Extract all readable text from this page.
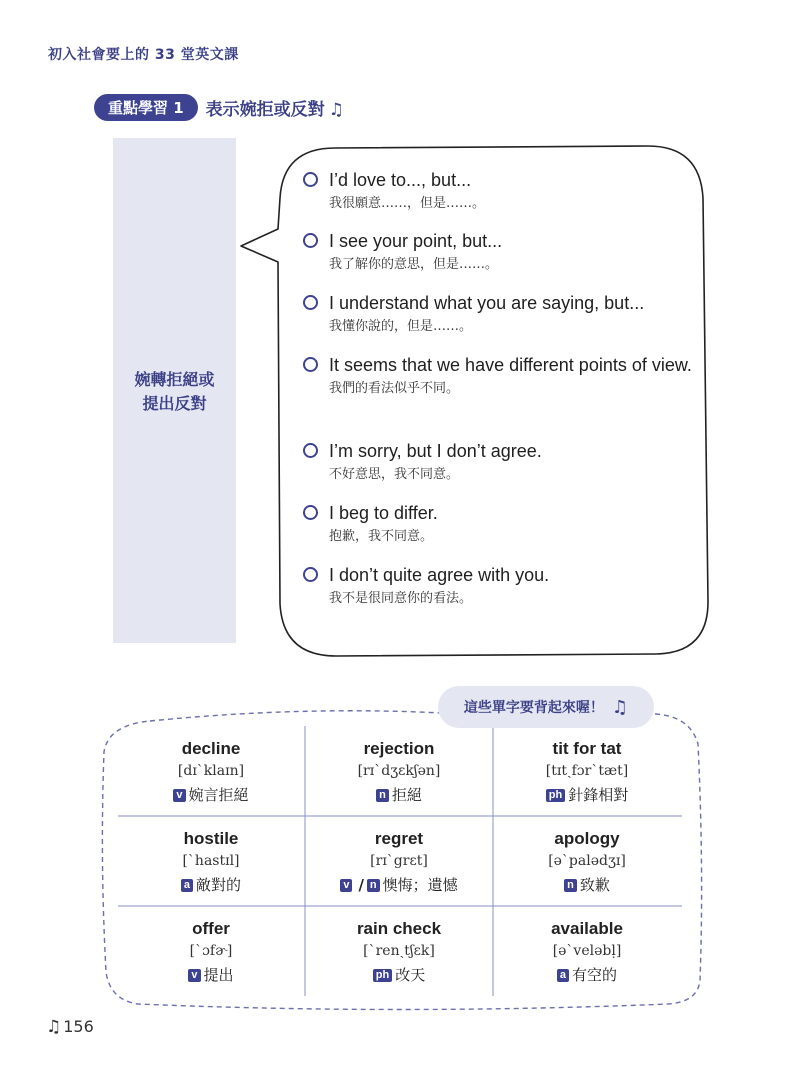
初入社會要上的 33 堂英文課
重點學習 1	表示婉拒或反對 ♫
婉轉拒絕或
提出反對
I’d love to..., but...
我很願意……，但是……。
I see your point, but...
我了解你的意思，但是……。
I understand what you are saying, but...
我懂你說的，但是……。
It seems that we have different points of view.
我們的看法似乎不同。
I’m sorry, but I don’t agree.
不好意思，我不同意。
I beg to differ.
抱歉，我不同意。
I don’t quite agree with you.
我不是很同意你的看法。
這些單字要背起來喔！ ♫
decline
[dɪˋklaɪn]
v 婉言拒絕
rejection
[rɪˋdʒɛkʃən]
n 拒絕
tit for tat
[tɪtˏfɔrˋtæt]
ph 針鋒相對
hostile
[ˋhastɪl]
a 敵對的
regret
[rɪˋgrɛt]
v / n 懊悔；遺憾
apology
[əˋpalədʒɪ]
n 致歉
offer
[ˋɔfɚ]
v 提出
rain check
[ˋrenˏtʃɛk]
ph 改天
available
[əˋveləbḷ]
a 有空的
♫ 156
